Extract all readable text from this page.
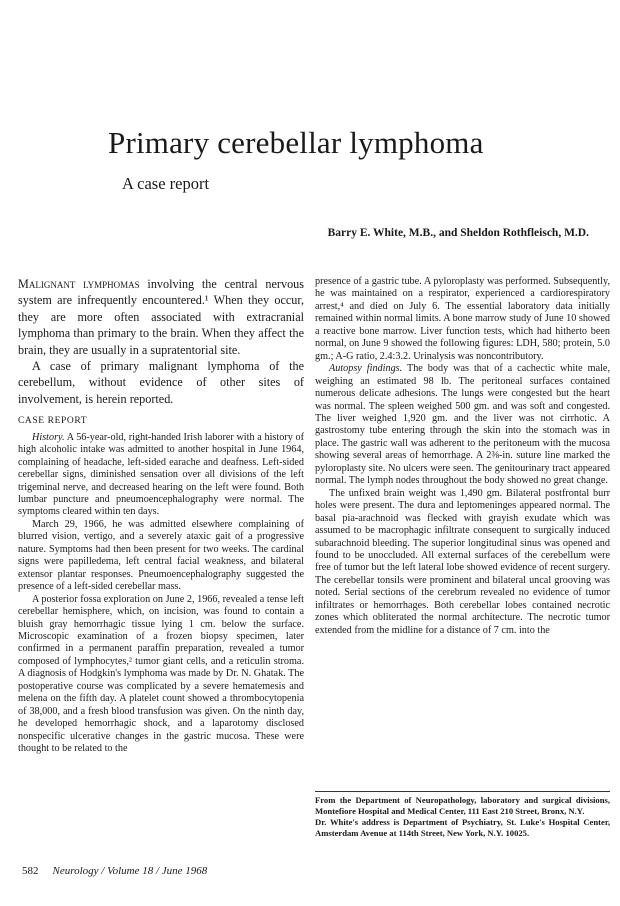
Primary cerebellar lymphoma
A case report
Barry E. White, M.B., and Sheldon Rothfleisch, M.D.

Malignant lymphomas involving the central nervous system are infrequently encountered.¹ When they occur, they are more often associated with extracranial lymphoma than primary to the brain. When they affect the brain, they are usually in a supratentorial site.

A case of primary malignant lymphoma of the cerebellum, without evidence of other sites of involvement, is herein reported.

CASE REPORT

History. A 56-year-old, right-handed Irish laborer with a history of high alcoholic intake was admitted to another hospital in June 1964, complaining of headache, left-sided earache and deafness. Left-sided cerebellar signs, diminished sensation over all divisions of the left trigeminal nerve, and decreased hearing on the left were found. Both lumbar puncture and pneumoencephalography were normal. The symptoms cleared within ten days.

March 29, 1966, he was admitted elsewhere complaining of blurred vision, vertigo, and a severely ataxic gait of a progressive nature. Symptoms had then been present for two weeks. The cardinal signs were papilledema, left central facial weakness, and bilateral extensor plantar responses. Pneumoencephalography suggested the presence of a left-sided cerebellar mass.

A posterior fossa exploration on June 2, 1966, revealed a tense left cerebellar hemisphere, which, on incision, was found to contain a bluish gray hemorrhagic tissue lying 1 cm. below the surface. Microscopic examination of a frozen biopsy specimen, later confirmed in a permanent paraffin preparation, revealed a tumor composed of lymphocytes,² tumor giant cells, and a reticulin stroma. A diagnosis of Hodgkin's lymphoma was made by Dr. N. Ghatak. The postoperative course was complicated by a severe hematemesis and melena on the fifth day. A platelet count showed a thrombocytopenia of 38,000, and a fresh blood transfusion was given. On the ninth day, he developed hemorrhagic shock, and a laparotomy disclosed nonspecific ulcerative changes in the gastric mucosa. These were thought to be related to the

presence of a gastric tube. A pyloroplasty was performed. Subsequently, he was maintained on a respirator, experienced a cardiorespiratory arrest,⁴ and died on July 6. The essential laboratory data initially remained within normal limits. A bone marrow study of June 10 showed a reactive bone marrow. Liver function tests, which had hitherto been normal, on June 9 showed the following figures: LDH, 580; protein, 5.0 gm.; A-G ratio, 2.4:3.2. Urinalysis was noncontributory.

Autopsy findings. The body was that of a cachectic white male, weighing an estimated 98 lb. The peritoneal surfaces contained numerous delicate adhesions. The lungs were congested but the heart was normal. The spleen weighed 500 gm. and was soft and congested. The liver weighed 1,920 gm. and the liver was not cirrhotic. A gastrostomy tube entering through the skin into the stomach was in place. The gastric wall was adherent to the peritoneum with the mucosa showing several areas of hemorrhage. A 2⅜-in. suture line marked the pyloroplasty site. No ulcers were seen. The genitourinary tract appeared normal. The lymph nodes throughout the body showed no great change.

The unfixed brain weight was 1,490 gm. Bilateral postfrontal burr holes were present. The dura and leptomeninges appeared normal. The basal pia-arachnoid was flecked with grayish exudate which was assumed to be macrophagic infiltrate consequent to surgically induced subarachnoid bleeding. The superior longitudinal sinus was opened and found to be unoccluded. All external surfaces of the cerebellum were free of tumor but the left lateral lobe showed evidence of recent surgery. The cerebellar tonsils were prominent and bilateral uncal grooving was noted. Serial sections of the cerebrum revealed no evidence of tumor infiltrates or hemorrhages. Both cerebellar lobes contained necrotic zones which obliterated the normal architecture. The necrotic tumor extended from the midline for a distance of 7 cm. into the

From the Department of Neuropathology, laboratory and surgical divisions, Montefiore Hospital and Medical Center, 111 East 210 Street, Bronx, N.Y.

Dr. White's address is Department of Psychiatry, St. Luke's Hospital Center, Amsterdam Avenue at 114th Street, New York, N.Y. 10025.

582 Neurology / Volume 18 / June 1968
